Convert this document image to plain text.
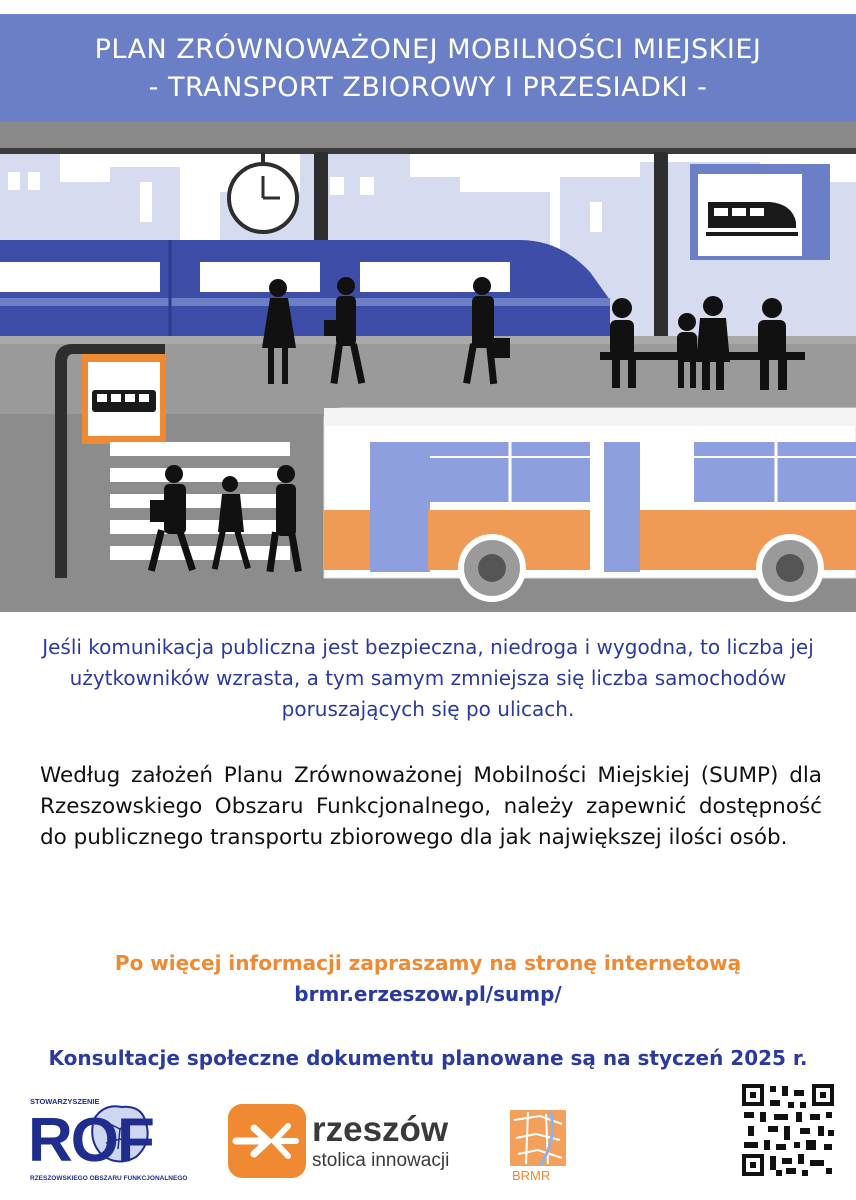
PLAN ZRÓWNOWAŻONEJ MOBILNOŚCI MIEJSKIEJ
- TRANSPORT ZBIOROWY I PRZESIADKI -
Jeśli komunikacja publiczna jest bezpieczna, niedroga i wygodna, to liczba jej użytkowników wzrasta, a tym samym zmniejsza się liczba samochodów poruszających się po ulicach.
Według założeń Planu Zrównoważonej Mobilności Miejskiej (SUMP) dla Rzeszowskiego Obszaru Funkcjonalnego, należy zapewnić dostępność do publicznego transportu zbiorowego dla jak największej ilości osób.
Po więcej informacji zapraszamy na stronę internetową
brmr.erzeszow.pl/sump/
Konsultacje społeczne dokumentu planowane są na styczeń 2025 r.
STOWARZYSZENIE
ROF
RZESZOWSKIEGO OBSZARU FUNKCJONALNEGO
rzeszów
stolica innowacji
BRMR
